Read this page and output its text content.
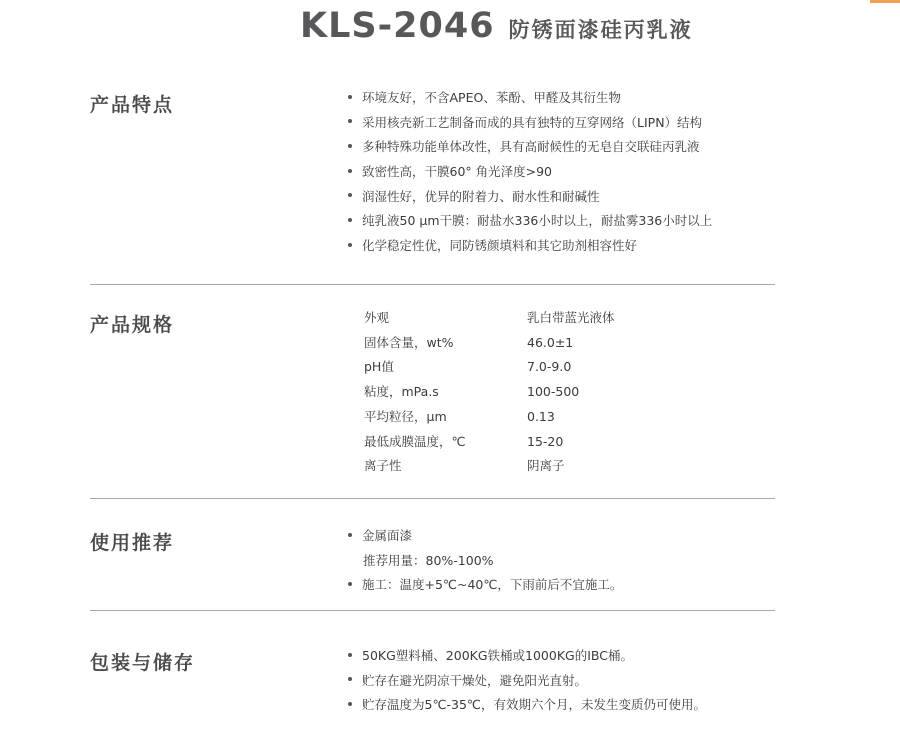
KLS-2046 防锈面漆硅丙乳液
产品特点	环境友好，不含APEO、苯酚、甲醛及其衍生物
采用核壳新工艺制备而成的具有独特的互穿网络（LIPN）结构
多种特殊功能单体改性，具有高耐候性的无皂自交联硅丙乳液
致密性高，干膜60° 角光泽度>90
润湿性好，优异的附着力、耐水性和耐碱性
纯乳液50 μm干膜：耐盐水336小时以上，耐盐雾336小时以上
化学稳定性优，同防锈颜填料和其它助剂相容性好
产品规格	外观	乳白带蓝光液体
固体含量，wt%	46.0±1
pH值	7.0-9.0
粘度，mPa.s	100-500
平均粒径，μm	0.13
最低成膜温度，℃	15-20
离子性	阴离子
使用推荐	金属面漆
推荐用量：80%-100%
施工：温度+5℃~40℃，下雨前后不宜施工。
包装与储存	50KG塑料桶、200KG铁桶或1000KG的IBC桶。
贮存在避光阴凉干燥处，避免阳光直射。
贮存温度为5℃-35℃，有效期六个月，未发生变质仍可使用。
